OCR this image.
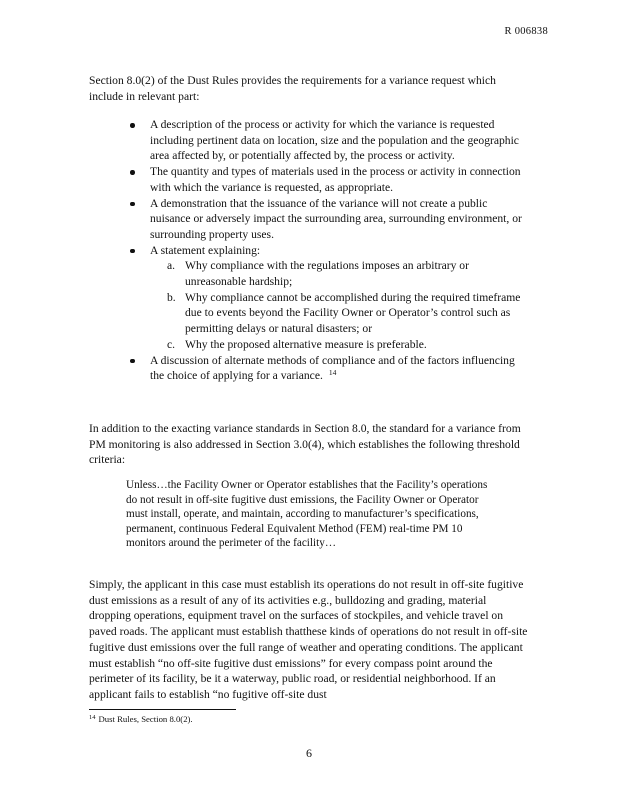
R 006838
Section 8.0(2) of the Dust Rules provides the requirements for a variance request which include in relevant part:
A description of the process or activity for which the variance is requested including pertinent data on location, size and the population and the geographic area affected by, or potentially affected by, the process or activity.
The quantity and types of materials used in the process or activity in connection with which the variance is requested, as appropriate.
A demonstration that the issuance of the variance will not create a public nuisance or adversely impact the surrounding area, surrounding environment, or surrounding property uses.
A statement explaining:
a. Why compliance with the regulations imposes an arbitrary or unreasonable hardship;
b. Why compliance cannot be accomplished during the required timeframe due to events beyond the Facility Owner or Operator’s control such as permitting delays or natural disasters; or
c. Why the proposed alternative measure is preferable.
A discussion of alternate methods of compliance and of the factors influencing the choice of applying for a variance. $^{14}$
In addition to the exacting variance standards in Section 8.0, the standard for a variance from PM monitoring is also addressed in Section 3.0(4), which establishes the following threshold criteria:
Unless…the Facility Owner or Operator establishes that the Facility’s operations do not result in off-site fugitive dust emissions, the Facility Owner or Operator must install, operate, and maintain, according to manufacturer’s specifications, permanent, continuous Federal Equivalent Method (FEM) real-time PM 10 monitors around the perimeter of the facility…
Simply, the applicant in this case must establish its operations do not result in off-site fugitive dust emissions as a result of any of its activities e.g., bulldozing and grading, material dropping operations, equipment travel on the surfaces of stockpiles, and vehicle travel on paved roads. The applicant must establish thatthese kinds of operations do not result in off-site fugitive dust emissions over the full range of weather and operating conditions. The applicant must establish “no off-site fugitive dust emissions” for every compass point around the perimeter of its facility, be it a waterway, public road, or residential neighborhood. If an applicant fails to establish “no fugitive off-site dust
$^{14}$ Dust Rules, Section 8.0(2).
6
